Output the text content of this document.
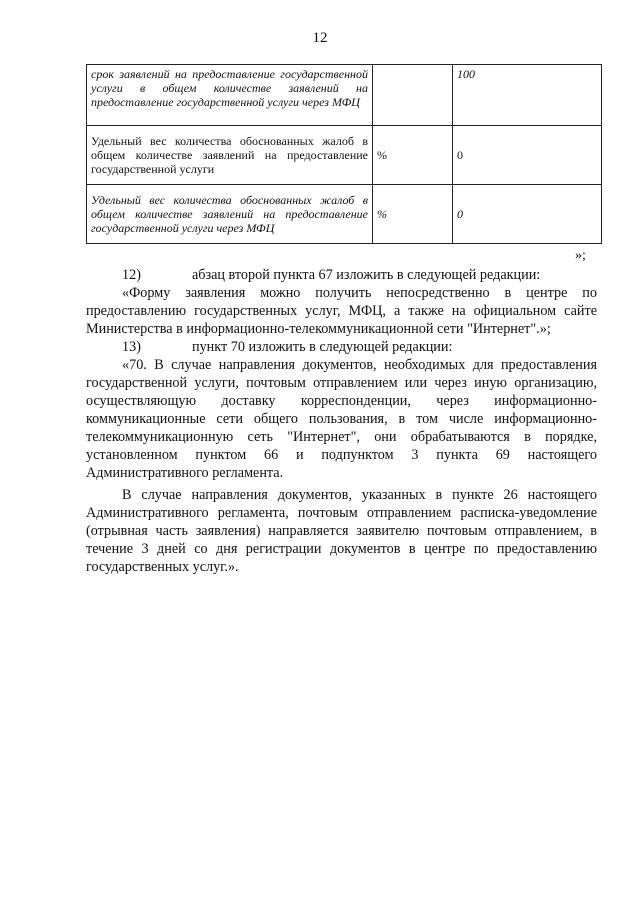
12
срок заявлений на предоставление государственной услуги в общем количестве заявлений на предоставление государственной услуги через МФЦ		100
Удельный вес количества обоснованных жалоб в общем количестве заявлений на предоставление государственной услуги	%	0
Удельный вес количества обоснованных жалоб в общем количестве заявлений на предоставление государственной услуги через МФЦ	%	0
»;

12)	абзац второй пункта 67 изложить в следующей редакции:

«Форму заявления можно получить непосредственно в центре по предоставлению государственных услуг, МФЦ, а также на официальном сайте Министерства в информационно-телекоммуникационной сети "Интернет".»;

13)	пункт 70 изложить в следующей редакции:

«70. В случае направления документов, необходимых для предоставления государственной услуги, почтовым отправлением или через иную организацию, осуществляющую доставку корреспонденции, через информационно-коммуникационные сети общего пользования, в том числе информационно-телекоммуникационную сеть "Интернет", они обрабатываются в порядке, установленном пунктом 66 и подпунктом 3 пункта 69 настоящего Административного регламента.

В случае направления документов, указанных в пункте 26 настоящего Административного регламента, почтовым отправлением расписка-уведомление (отрывная часть заявления) направляется заявителю почтовым отправлением, в течение 3 дней со дня регистрации документов в центре по предоставлению государственных услуг.».
